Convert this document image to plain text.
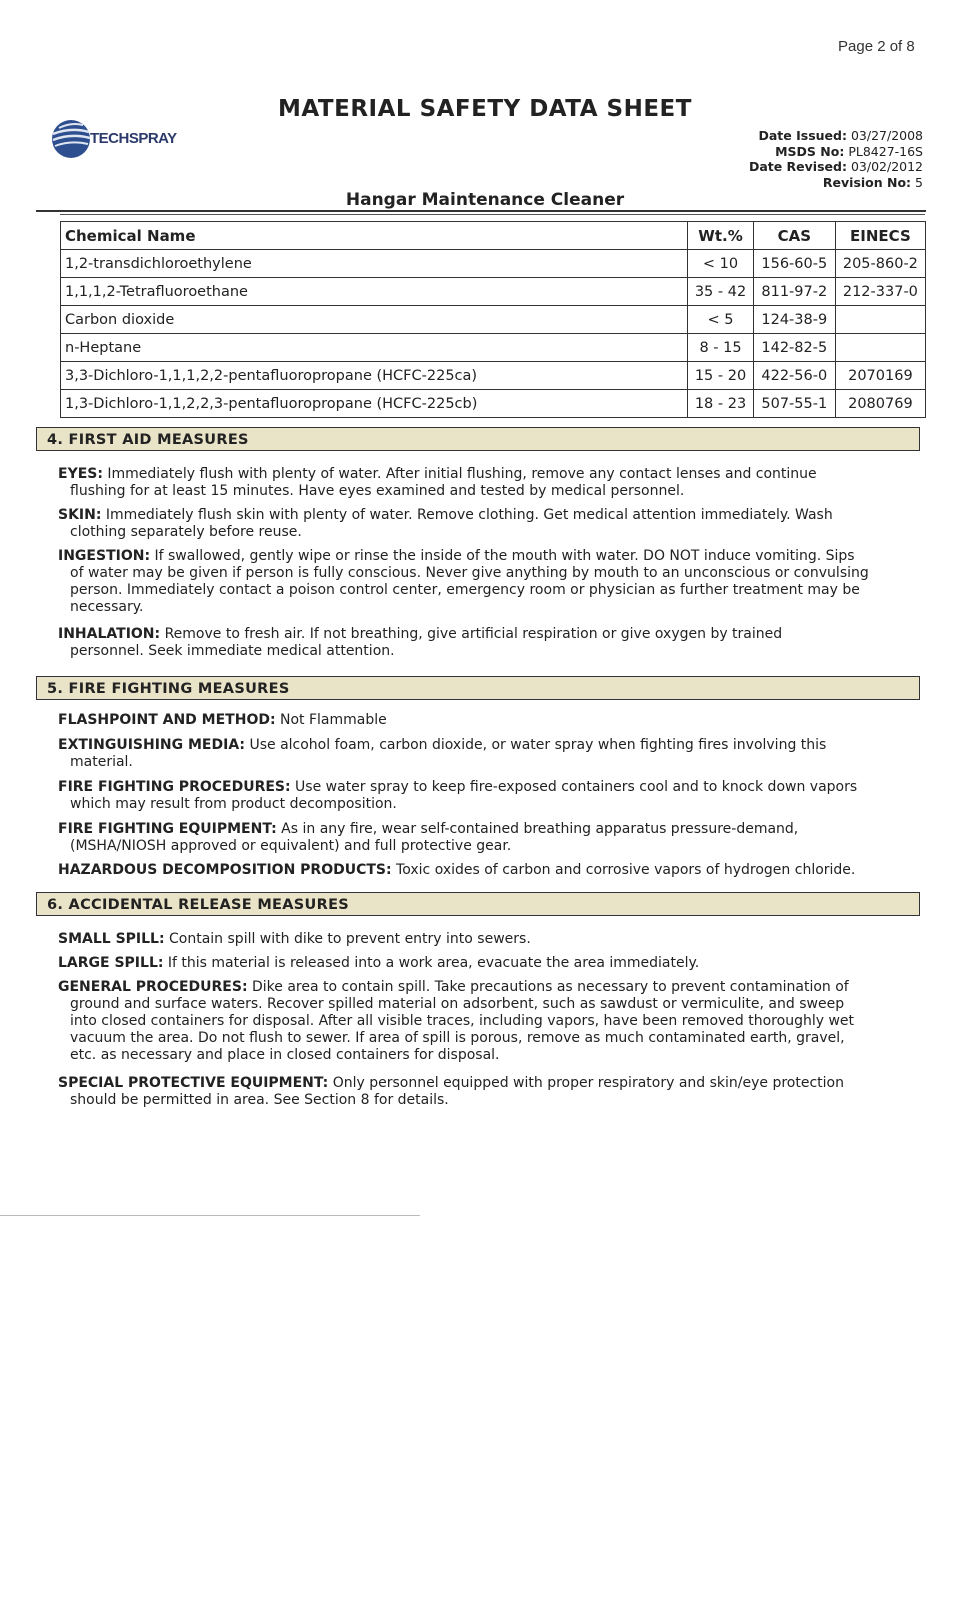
Page 2 of 8
MATERIAL SAFETY DATA SHEET
TECHSPRAY	Date Issued: 03/27/2008
MSDS No: PL8427-16S
Date Revised: 03/02/2012
Revision No: 5
Hangar Maintenance Cleaner
Chemical Name	Wt.%	CAS	EINECS
1,2-transdichloroethylene	< 10	156-60-5	205-860-2
1,1,1,2-Tetrafluoroethane	35 - 42	811-97-2	212-337-0
Carbon dioxide	< 5	124-38-9	
n-Heptane	8 - 15	142-82-5	
3,3-Dichloro-1,1,1,2,2-pentafluoropropane (HCFC-225ca)	15 - 20	422-56-0	2070169
1,3-Dichloro-1,1,2,2,3-pentafluoropropane (HCFC-225cb)	18 - 23	507-55-1	2080769
4. FIRST AID MEASURES
EYES: Immediately flush with plenty of water. After initial flushing, remove any contact lenses and continue
flushing for at least 15 minutes. Have eyes examined and tested by medical personnel.
SKIN: Immediately flush skin with plenty of water. Remove clothing. Get medical attention immediately. Wash
clothing separately before reuse.
INGESTION: If swallowed, gently wipe or rinse the inside of the mouth with water. DO NOT induce vomiting. Sips
of water may be given if person is fully conscious. Never give anything by mouth to an unconscious or convulsing
person. Immediately contact a poison control center, emergency room or physician as further treatment may be
necessary.
INHALATION: Remove to fresh air. If not breathing, give artificial respiration or give oxygen by trained
personnel. Seek immediate medical attention.
5. FIRE FIGHTING MEASURES
FLASHPOINT AND METHOD: Not Flammable
EXTINGUISHING MEDIA: Use alcohol foam, carbon dioxide, or water spray when fighting fires involving this
material.
FIRE FIGHTING PROCEDURES: Use water spray to keep fire-exposed containers cool and to knock down vapors
which may result from product decomposition.
FIRE FIGHTING EQUIPMENT: As in any fire, wear self-contained breathing apparatus pressure-demand,
(MSHA/NIOSH approved or equivalent) and full protective gear.
HAZARDOUS DECOMPOSITION PRODUCTS: Toxic oxides of carbon and corrosive vapors of hydrogen chloride.
6. ACCIDENTAL RELEASE MEASURES
SMALL SPILL: Contain spill with dike to prevent entry into sewers.
LARGE SPILL: If this material is released into a work area, evacuate the area immediately.
GENERAL PROCEDURES: Dike area to contain spill. Take precautions as necessary to prevent contamination of
ground and surface waters. Recover spilled material on adsorbent, such as sawdust or vermiculite, and sweep
into closed containers for disposal. After all visible traces, including vapors, have been removed thoroughly wet
vacuum the area. Do not flush to sewer. If area of spill is porous, remove as much contaminated earth, gravel,
etc. as necessary and place in closed containers for disposal.
SPECIAL PROTECTIVE EQUIPMENT: Only personnel equipped with proper respiratory and skin/eye protection
should be permitted in area. See Section 8 for details.
